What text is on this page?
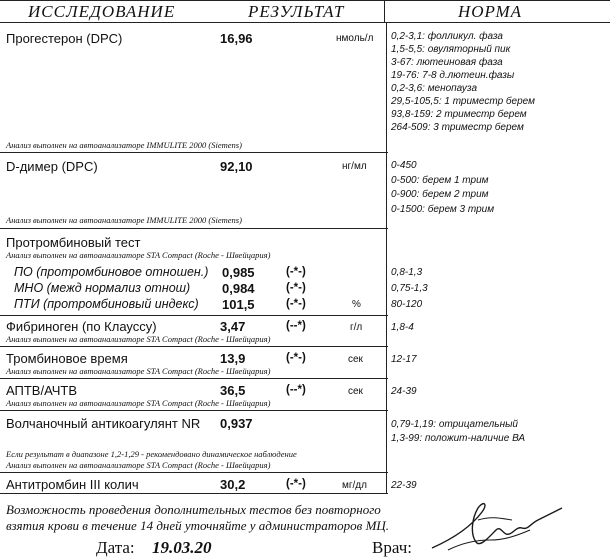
ИССЛЕДОВАНИЕ	РЕЗУЛЬТАТ	НОРМА
Прогестерон (DPC)	16,96	нмоль/л 0,2-3,1: фолликул. фаза
1,5-5,5: овуляторный пик
3-67: лютеиновая фаза
19-76: 7-8 д.лютеин.фазы
0,2-3,6: менопауза
29,5-105,5: 1 триместр берем
93,8-159: 2 триместр берем
264-509: 3 триместр берем
Анализ выполнен на автоанализаторе IMMULITE 2000 (Siemens)
D-димер (DPC)	92,10	нг/мл 0-450
0-500: берем 1 трим
0-900: берем 2 трим
0-1500: берем 3 трим
Анализ выполнен на автоанализаторе IMMULITE 2000 (Siemens)
Протромбиновый тест
Анализ выполнен на автоанализаторе STA Compact (Roche - Швейцария)
ПО (протромбиновое отношен.) 0,985	(-*-)	0,8-1,3
МНО (межд нормализ отнош) 0,984	(-*-)	0,75-1,3
ПТИ (протромбиновый индекс) 101,5	(-*-)	%	80-120
Фибриноген (по Клауссу)	3,47	(--*)	г/л	1,8-4
Анализ выполнен на автоанализаторе STA Compact (Roche - Швейцария)
Тромбиновое время	13,9	(-*-)	сек	12-17
Анализ выполнен на автоанализаторе STA Compact (Roche - Швейцария)
АПТВ/АЧТВ	36,5	(--*)	сек	24-39
Анализ выполнен на автоанализаторе STA Compact (Roche - Швейцария)
Волчаночный антикоагулянт NR 0,937	0,79-1,19: отрицательный
1,3-99: положит-наличие ВА
Если результат в диапазоне 1,2-1,29 - рекомендовано динамическое наблюдение
Анализ выполнен на автоанализаторе STA Compact (Roche - Швейцария)
Антитромбин III колич	30,2	(-*-)	мг/дл 22-39
Возможность проведения дополнительных тестов без повторного
взятия крови в течение 14 дней уточняйте у администраторов МЦ.
Дата: 19.03.20	Врач:
